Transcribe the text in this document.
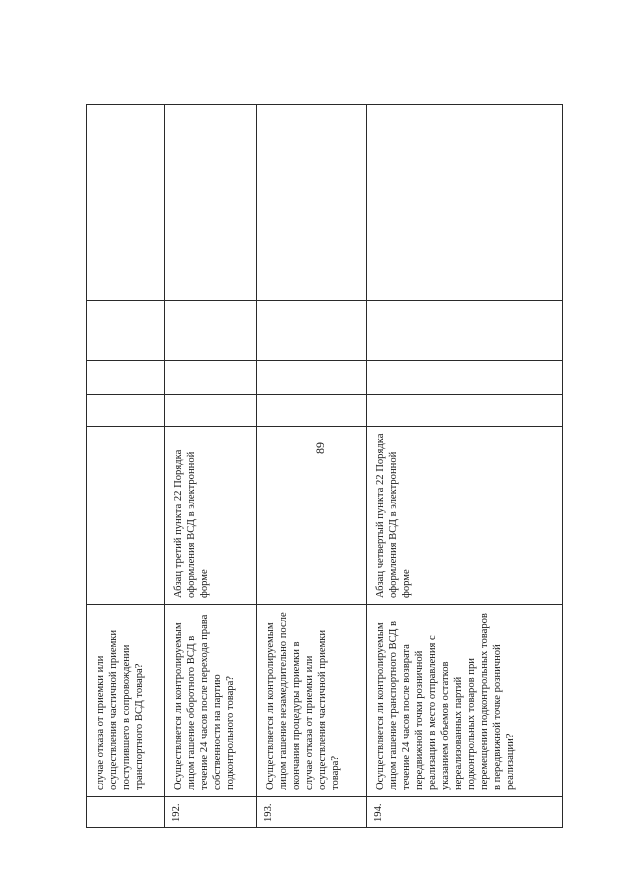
89
случае отказа от приемки или осуществления частичной приемки поступившего в сопровождении транспортного ВСД товара?
192.
Осуществляется ли контролируемым лицом гашение оборотного ВСД в течение 24 часов после перехода права собственности на партию подконтрольного товара?
Абзац третий пункта 22 Порядка оформления ВСД в электронной форме
193.
Осуществляется ли контролируемым лицом гашение незамедлительно после окончания процедуры приемки в случае отказа от приемки или осуществления частичной приемки товара?
194.
Осуществляется ли контролируемым лицом гашение транспортного ВСД в течение 24 часов после возврата передвижной точки розничной реализации в место отправления с указанием объемов остатков нереализованных партий подконтрольных товаров при перемещении подконтрольных товаров в передвижной точке розничной реализации?
Абзац четвертый пункта 22 Порядка оформления ВСД в электронной форме
